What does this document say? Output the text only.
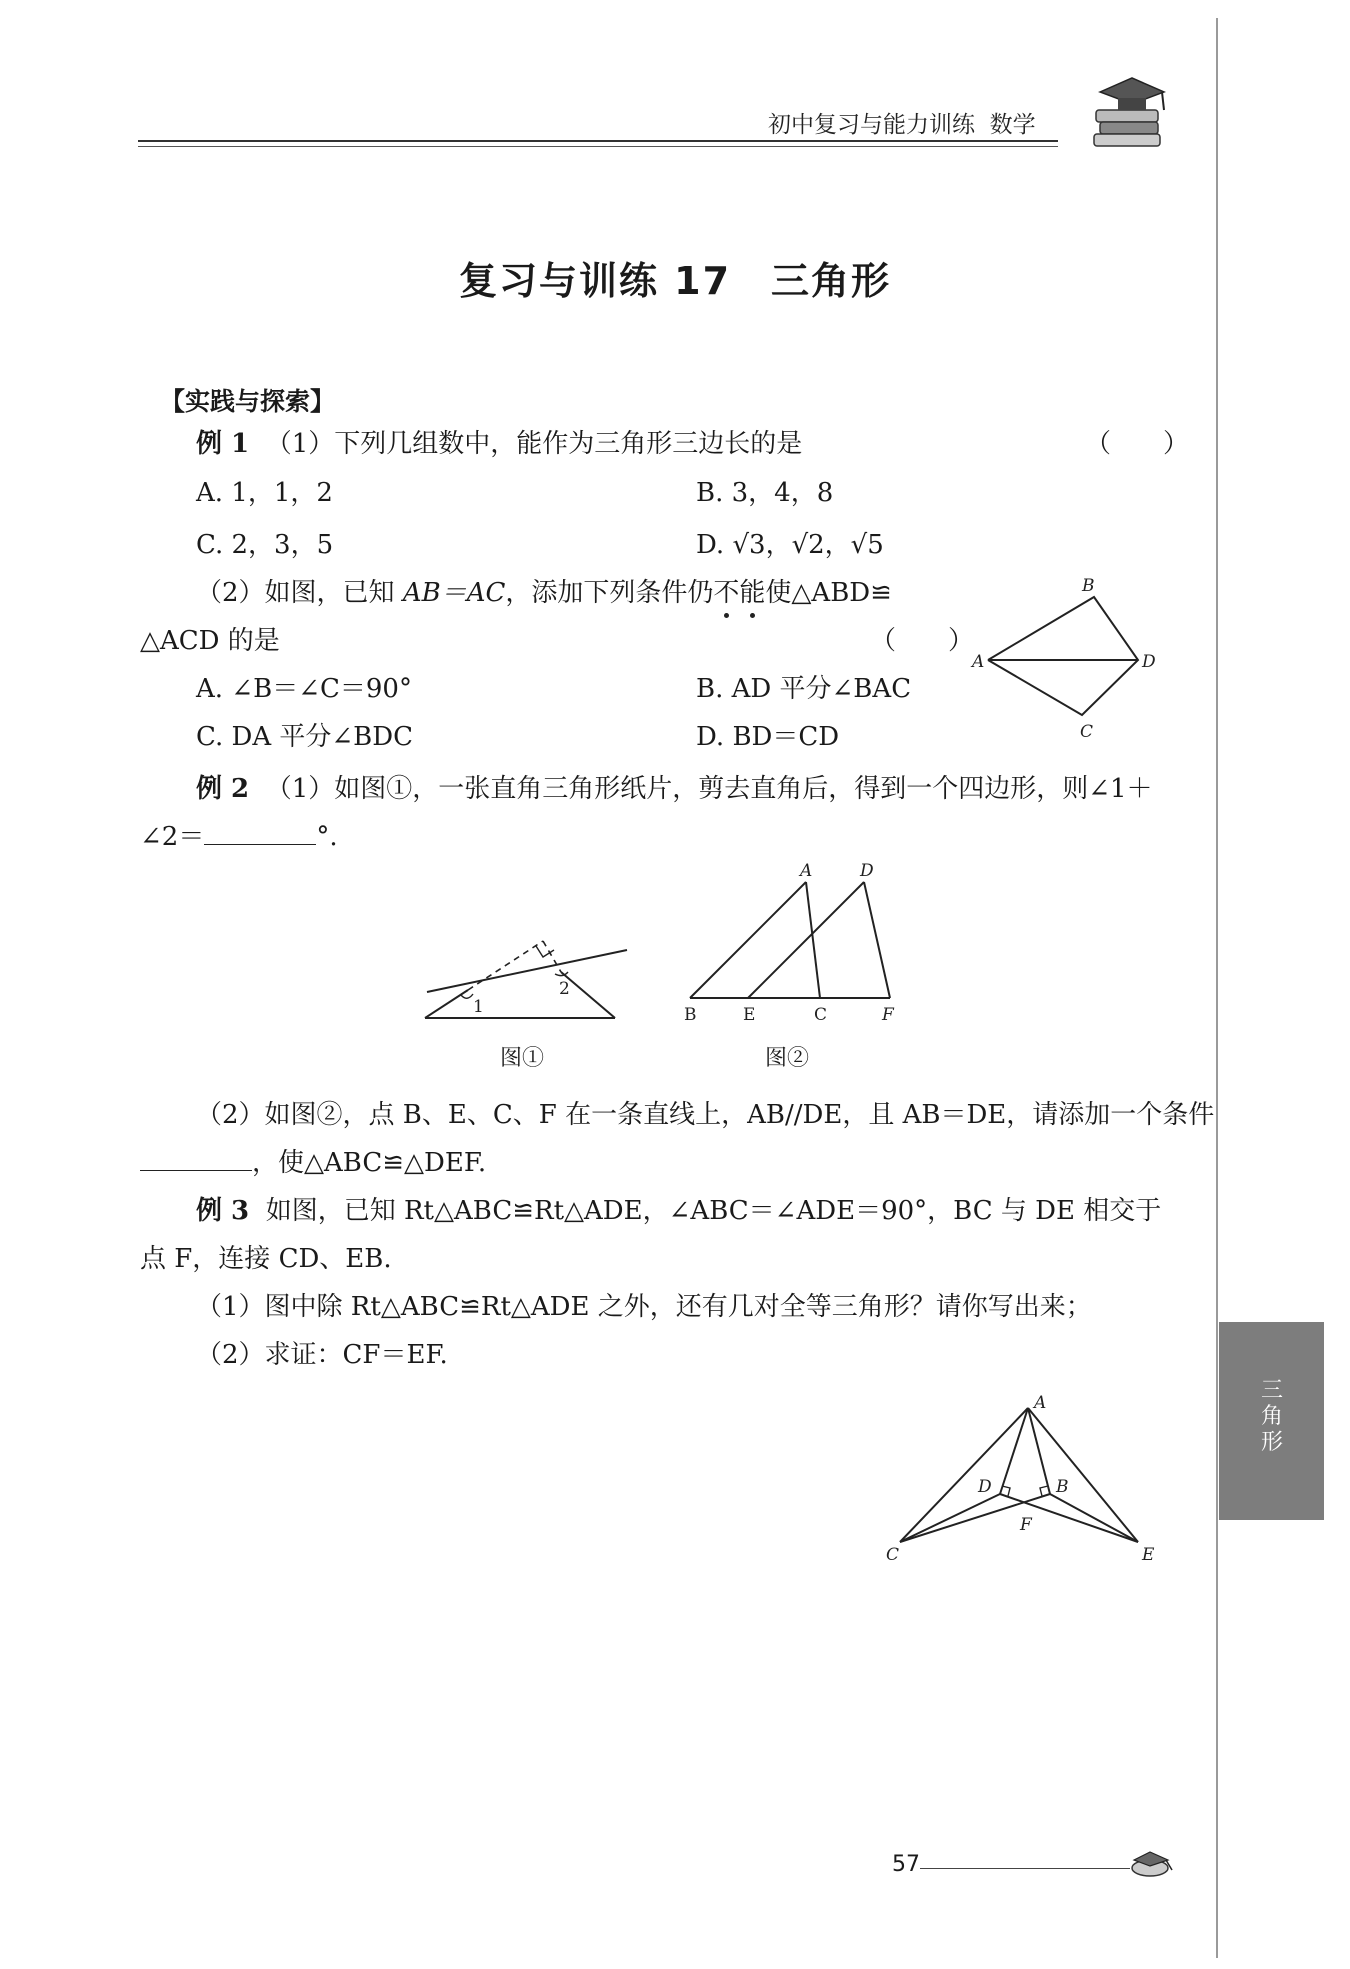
初中复习与能力训练 数学
复习与训练 17　三角形
【实践与探索】
例 1 （1）下列几组数中，能作为三角形三边长的是	（　　）
A. 1，1，2	B. 3，4，8
C. 2，3，5	D. √3，√2，√5
（2）如图，已知 AB＝AC，添加下列条件仍不能使△ABD≌
△ACD 的是	（　　）
A. ∠B＝∠C＝90°	B. AD 平分∠BAC
C. DA 平分∠BDC	D. BD＝CD
B
A	D
C
例 2 （1）如图①，一张直角三角形纸片，剪去直角后，得到一个四边形，则∠1＋
∠2＝	°.
1
2
A	D
B	E	C	F
图①	图②
（2）如图②，点 B、E、C、F 在一条直线上，AB//DE，且 AB＝DE，请添加一个条件
，使△ABC≌△DEF.
例 3 如图，已知 Rt△ABC≌Rt△ADE，∠ABC＝∠ADE＝90°，BC 与 DE 相交于
点 F，连接 CD、EB.
（1）图中除 Rt△ABC≌Rt△ADE 之外，还有几对全等三角形？请你写出来；
（2）求证：CF＝EF.
A
D	B
F
C	E
三角形
57
